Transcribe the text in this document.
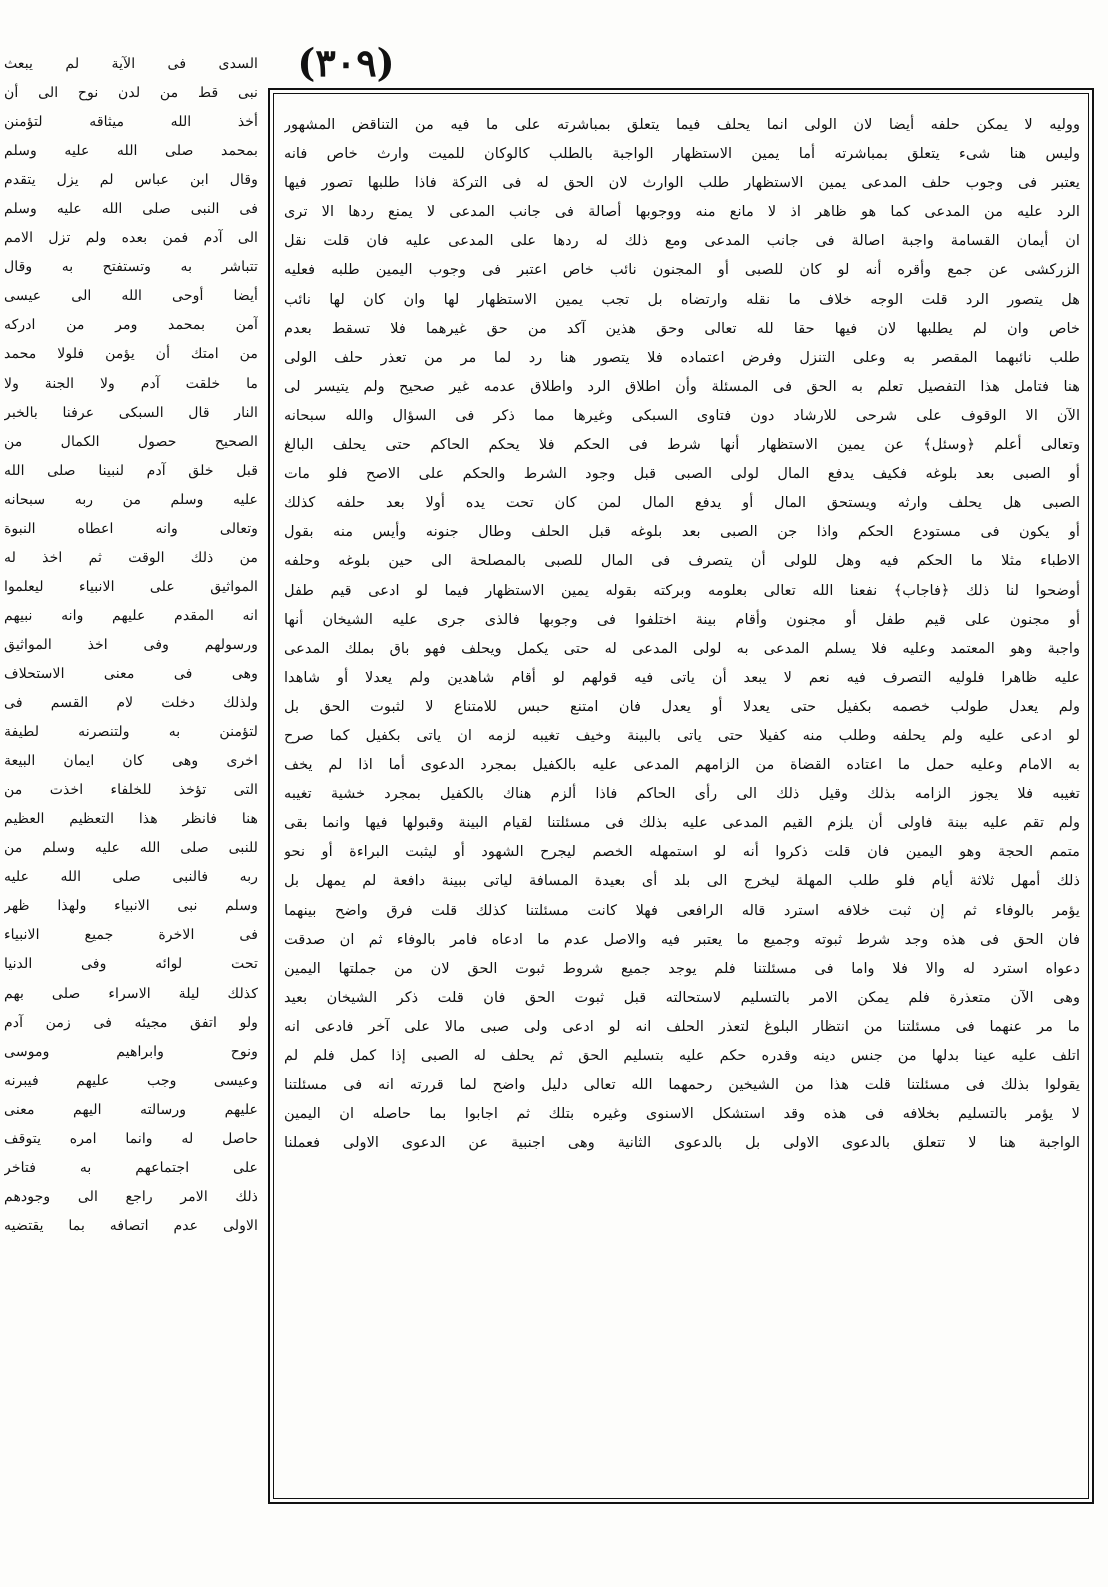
(٣٠٩)
السدى فى الآية لم يبعث
نبى قط من لدن نوح الى أن
أخذ الله ميثاقه لتؤمنن
بمحمد صلى الله عليه وسلم
وقال ابن عباس لم يزل يتقدم
فى النبى صلى الله عليه وسلم
الى آدم فمن بعده ولم تزل الامم
تتباشر به وتستفتح به وقال
أيضا أوحى الله الى عيسى
آمن بمحمد ومر من ادركه
من امتك أن يؤمن فلولا محمد
ما خلقت آدم ولا الجنة ولا
النار قال السبكى عرفنا بالخبر
الصحيح حصول الكمال من
قبل خلق آدم لنبينا صلى الله
عليه وسلم من ربه سبحانه
وتعالى وانه اعطاه النبوة
من ذلك الوقت ثم اخذ له
المواثيق على الانبياء ليعلموا
انه المقدم عليهم وانه نبيهم
ورسولهم وفى اخذ المواثيق
وهى فى معنى الاستحلاف
ولذلك دخلت لام القسم فى
لتؤمنن به ولتنصرنه لطيفة
اخرى وهى كان ايمان البيعة
التى تؤخذ للخلفاء اخذت من
هنا فانظر هذا التعظيم العظيم
للنبى صلى الله عليه وسلم من
ربه فالنبى صلى الله عليه
وسلم نبى الانبياء ولهذا ظهر
فى الاخرة جميع الانبياء
تحت لوائه وفى الدنيا
كذلك ليلة الاسراء صلى بهم
ولو اتفق مجيئه فى زمن آدم
ونوح وابراهيم وموسى
وعيسى وجب عليهم فيبرنه
عليهم ورسالته اليهم معنى
حاصل له وانما امره يتوقف
على اجتماعهم به فتاخر
ذلك الامر راجع الى وجودهم
الاولى عدم اتصافه بما يقتضيه
ووليه لا يمكن حلفه أيضا لان الولى انما يحلف فيما يتعلق بمباشرته على ما فيه من التناقض المشهور
وليس هنا شىء يتعلق بمباشرته أما يمين الاستظهار الواجبة بالطلب كالوكان للميت وارث خاص فانه
يعتبر فى وجوب حلف المدعى يمين الاستظهار طلب الوارث لان الحق له فى التركة فاذا طلبها تصور فيها
الرد عليه من المدعى كما هو ظاهر اذ لا مانع منه ووجوبها أصالة فى جانب المدعى لا يمنع ردها الا ترى
ان أيمان القسامة واجبة اصالة فى جانب المدعى ومع ذلك له ردها على المدعى عليه فان قلت نقل
الزركشى عن جمع وأقره أنه لو كان للصبى أو المجنون نائب خاص اعتبر فى وجوب اليمين طلبه فعليه
هل يتصور الرد قلت الوجه خلاف ما نقله وارتضاه بل تجب يمين الاستظهار لها وان كان لها نائب
خاص وان لم يطلبها لان فيها حقا لله تعالى وحق هذين آكد من حق غيرهما فلا تسقط بعدم
طلب نائبهما المقصر به وعلى التنزل وفرض اعتماده فلا يتصور هنا رد لما مر من تعذر حلف الولى
هنا فتامل هذا التفصيل تعلم به الحق فى المسئلة وأن اطلاق الرد واطلاق عدمه غير صحيح ولم يتيسر لى
الآن الا الوقوف على شرحى للارشاد دون فتاوى السبكى وغيرها مما ذكر فى السؤال والله سبحانه
وتعالى أعلم ﴿وسئل﴾ عن يمين الاستظهار أنها شرط فى الحكم فلا يحكم الحاكم حتى يحلف البالغ
أو الصبى بعد بلوغه فكيف يدفع المال لولى الصبى قبل وجود الشرط والحكم على الاصح فلو مات
الصبى هل يحلف وارثه ويستحق المال أو يدفع المال لمن كان تحت يده أولا بعد حلفه كذلك
أو يكون فى مستودع الحكم واذا جن الصبى بعد بلوغه قبل الحلف وطال جنونه وأيس منه بقول
الاطباء مثلا ما الحكم فيه وهل للولى أن يتصرف فى المال للصبى بالمصلحة الى حين بلوغه وحلفه
أوضحوا لنا ذلك ﴿فاجاب﴾ نفعنا الله تعالى بعلومه وبركته بقوله يمين الاستظهار فيما لو ادعى قيم طفل
أو مجنون على قيم طفل أو مجنون وأقام بينة اختلفوا فى وجوبها فالذى جرى عليه الشيخان أنها
واجبة وهو المعتمد وعليه فلا يسلم المدعى به لولى المدعى له حتى يكمل ويحلف فهو باق بملك المدعى
عليه ظاهرا فلوليه التصرف فيه نعم لا يبعد أن ياتى فيه قولهم لو أقام شاهدين ولم يعدلا أو شاهدا
ولم يعدل طولب خصمه بكفيل حتى يعدلا أو يعدل فان امتنع حبس للامتناع لا لثبوت الحق بل
لو ادعى عليه ولم يحلفه وطلب منه كفيلا حتى ياتى بالبينة وخيف تغيبه لزمه ان ياتى بكفيل كما صرح
به الامام وعليه حمل ما اعتاده القضاة من الزامهم المدعى عليه بالكفيل بمجرد الدعوى أما اذا لم يخف
تغيبه فلا يجوز الزامه بذلك وقيل ذلك الى رأى الحاكم فاذا ألزم هناك بالكفيل بمجرد خشية تغيبه
ولم تقم عليه بينة فاولى أن يلزم القيم المدعى عليه بذلك فى مسئلتنا لقيام البينة وقبولها فيها وانما بقى
متمم الحجة وهو اليمين فان قلت ذكروا أنه لو استمهله الخصم ليجرح الشهود أو ليثبت البراءة أو نحو
ذلك أمهل ثلاثة أيام فلو طلب المهلة ليخرج الى بلد أى بعيدة المسافة لياتى ببينة دافعة لم يمهل بل
يؤمر بالوفاء ثم إن ثبت خلافه استرد قاله الرافعى فهلا كانت مسئلتنا كذلك قلت فرق واضح بينهما
فان الحق فى هذه وجد شرط ثبوته وجميع ما يعتبر فيه والاصل عدم ما ادعاه فامر بالوفاء ثم ان صدقت
دعواه استرد له والا فلا واما فى مسئلتنا فلم يوجد جميع شروط ثبوت الحق لان من جملتها اليمين
وهى الآن متعذرة فلم يمكن الامر بالتسليم لاستحالته قبل ثبوت الحق فان قلت ذكر الشيخان بعيد
ما مر عنهما فى مسئلتنا من انتظار البلوغ لتعذر الحلف انه لو ادعى ولى صبى مالا على آخر فادعى انه
اتلف عليه عينا بدلها من جنس دينه وقدره حكم عليه بتسليم الحق ثم يحلف له الصبى إذا كمل فلم لم
يقولوا بذلك فى مسئلتنا قلت هذا من الشيخين رحمهما الله تعالى دليل واضح لما قررته انه فى مسئلتنا
لا يؤمر بالتسليم بخلافه فى هذه وقد استشكل الاسنوى وغيره بتلك ثم اجابوا بما حاصله ان اليمين
الواجبة هنا لا تتعلق بالدعوى الاولى بل بالدعوى الثانية وهى اجنبية عن الدعوى الاولى فعملنا
